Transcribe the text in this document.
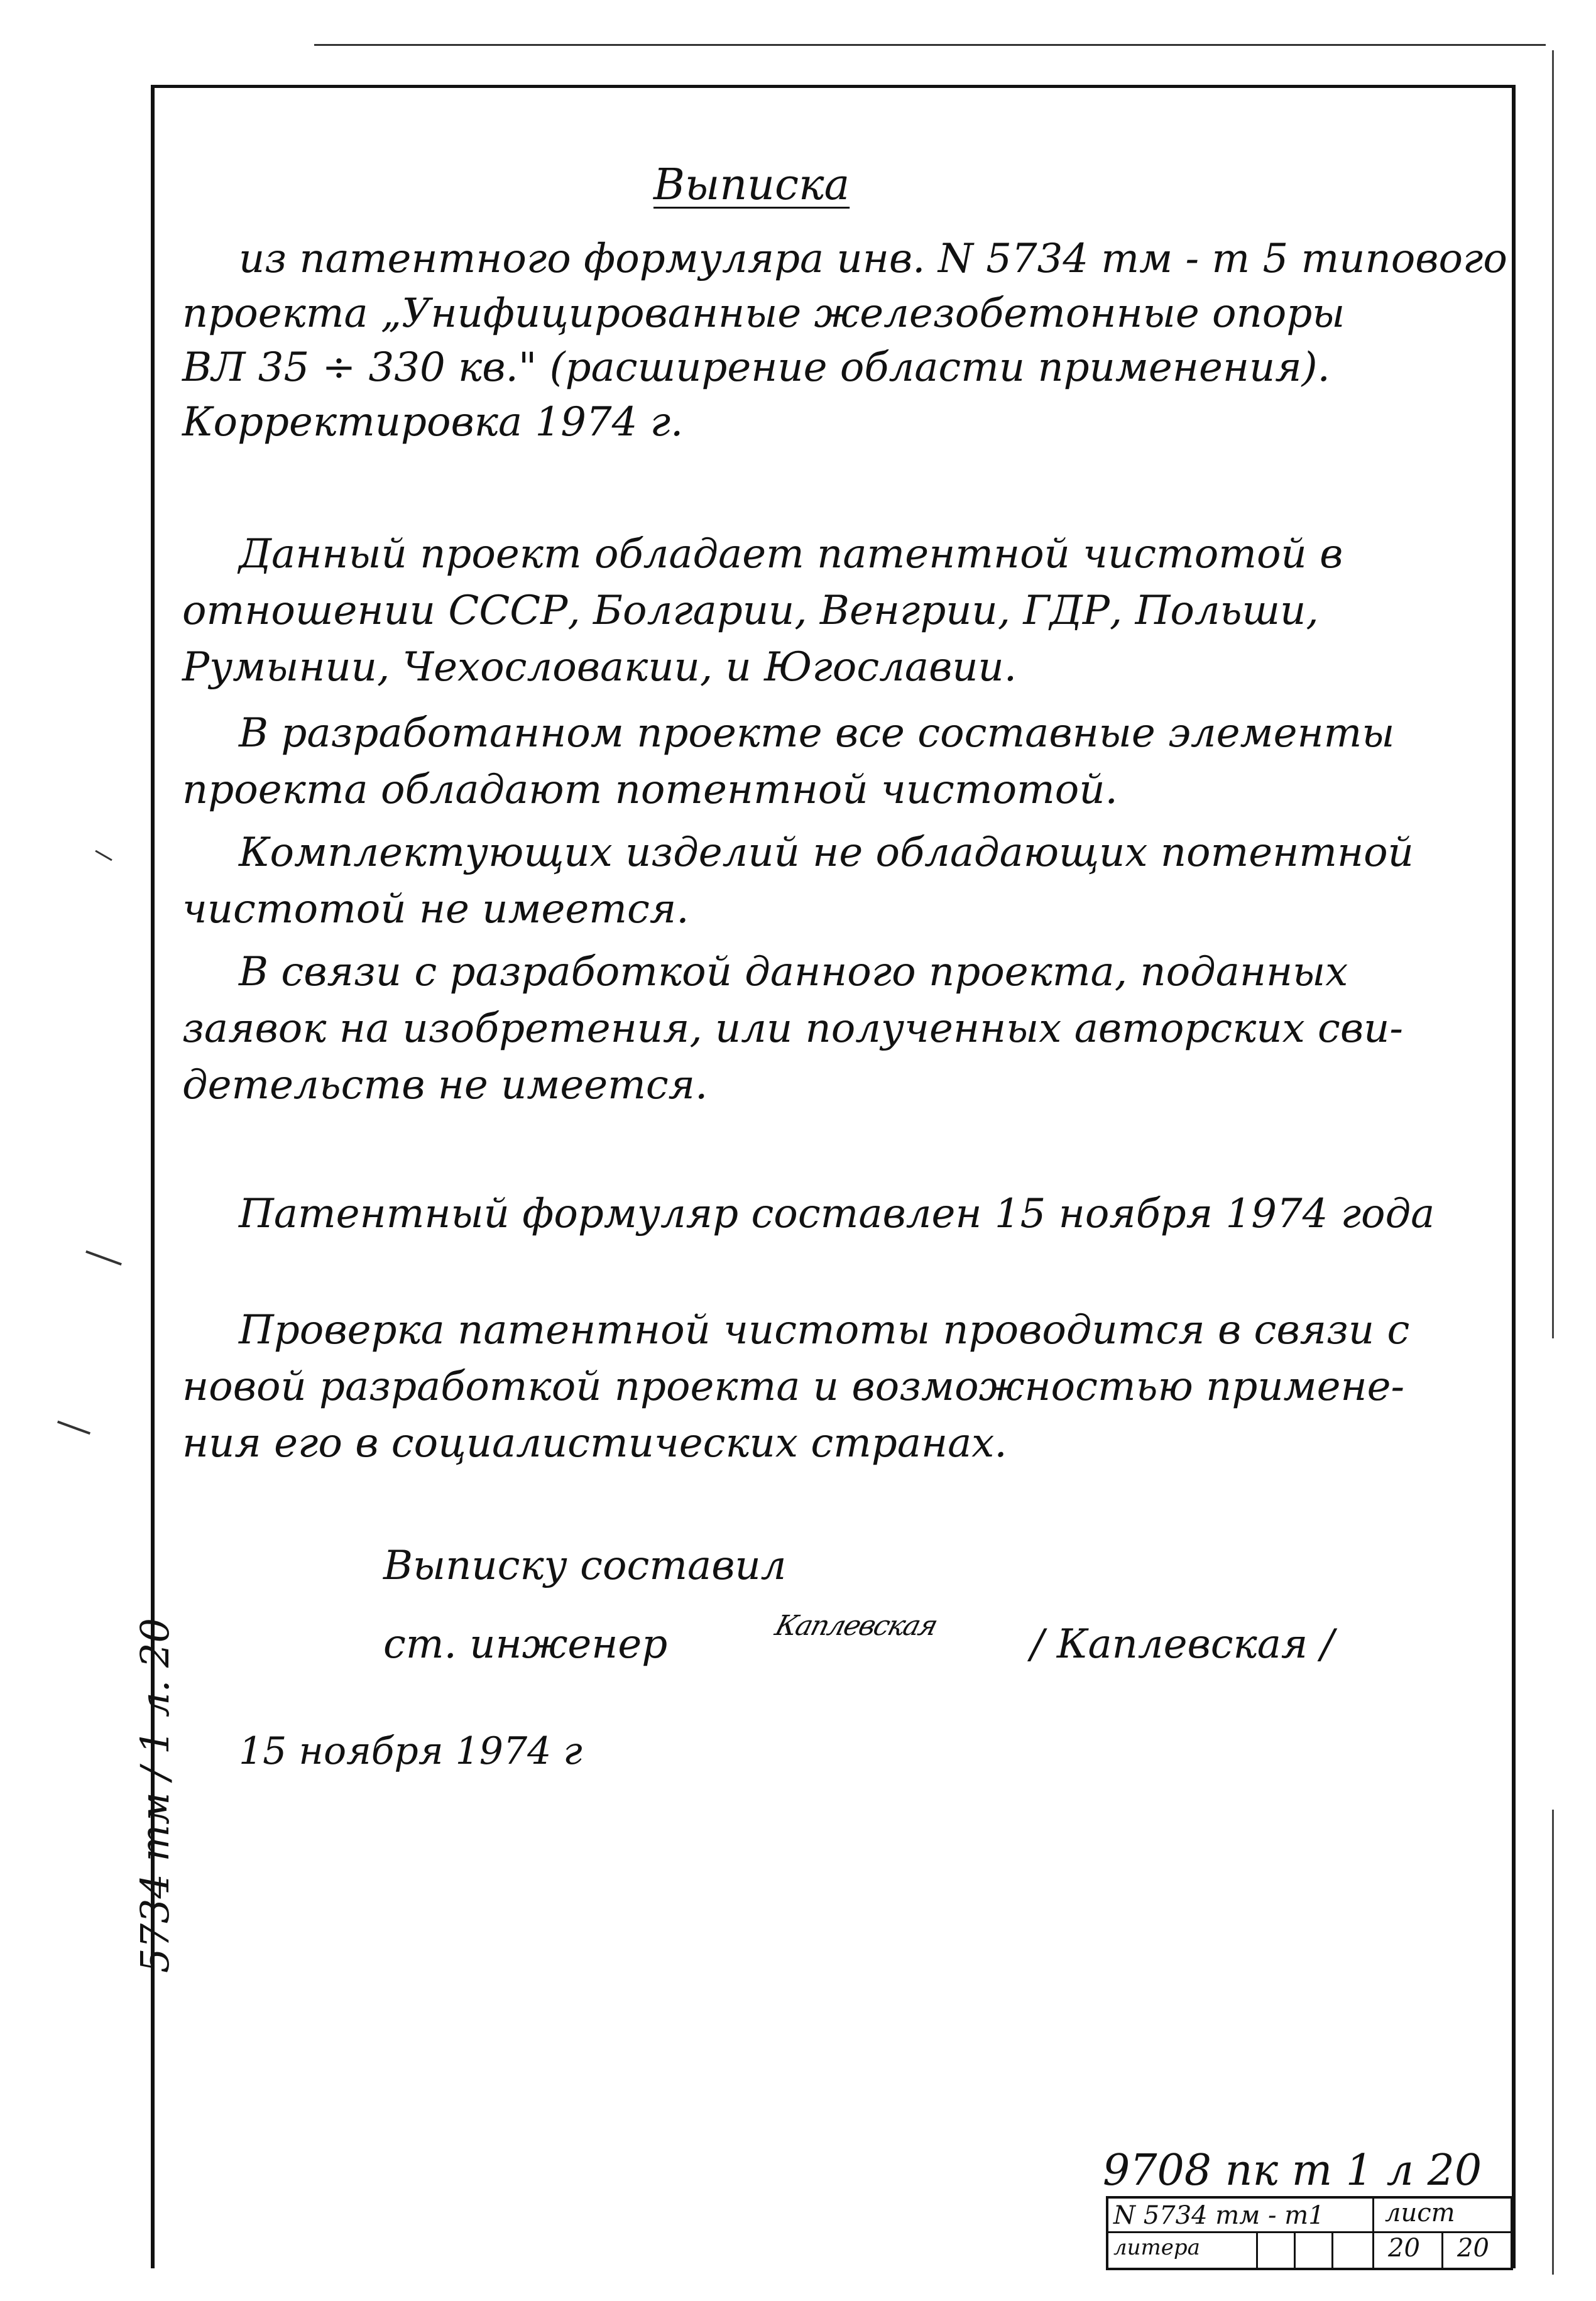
Выписка
из патентного формуляра инв. N 5734 тм - т 5 типового
проекта „Унифицированные железобетонные опоры
ВЛ 35 ÷ 330 кв." (расширение области применения).
Корректировка 1974 г.
Данный проект обладает патентной чистотой в
отношении СССР, Болгарии, Венгрии, ГДР, Польши,
Румынии, Чехословакии, и Югославии.
В разработанном проекте все составные элементы
проекта обладают потентной чистотой.
Комплектующих изделий не обладающих потентной
чистотой не имеется.
В связи с разработкой данного проекта, поданных
заявок на изобретения, или полученных авторских сви-
детельств не имеется.
Патентный формуляр составлен 15 ноября 1974 года
Проверка патентной чистоты проводится в связи с
новой разработкой проекта и возможностью примене-
ния его в социалистических странах.
Выписку составил
ст. инженер	Каплевская / Каплевская /
15 ноября 1974 г
5734 тм / 1 л. 20
9708 пк т 1 л 20
N 5734 тм - т1 лист
литера	20 20
